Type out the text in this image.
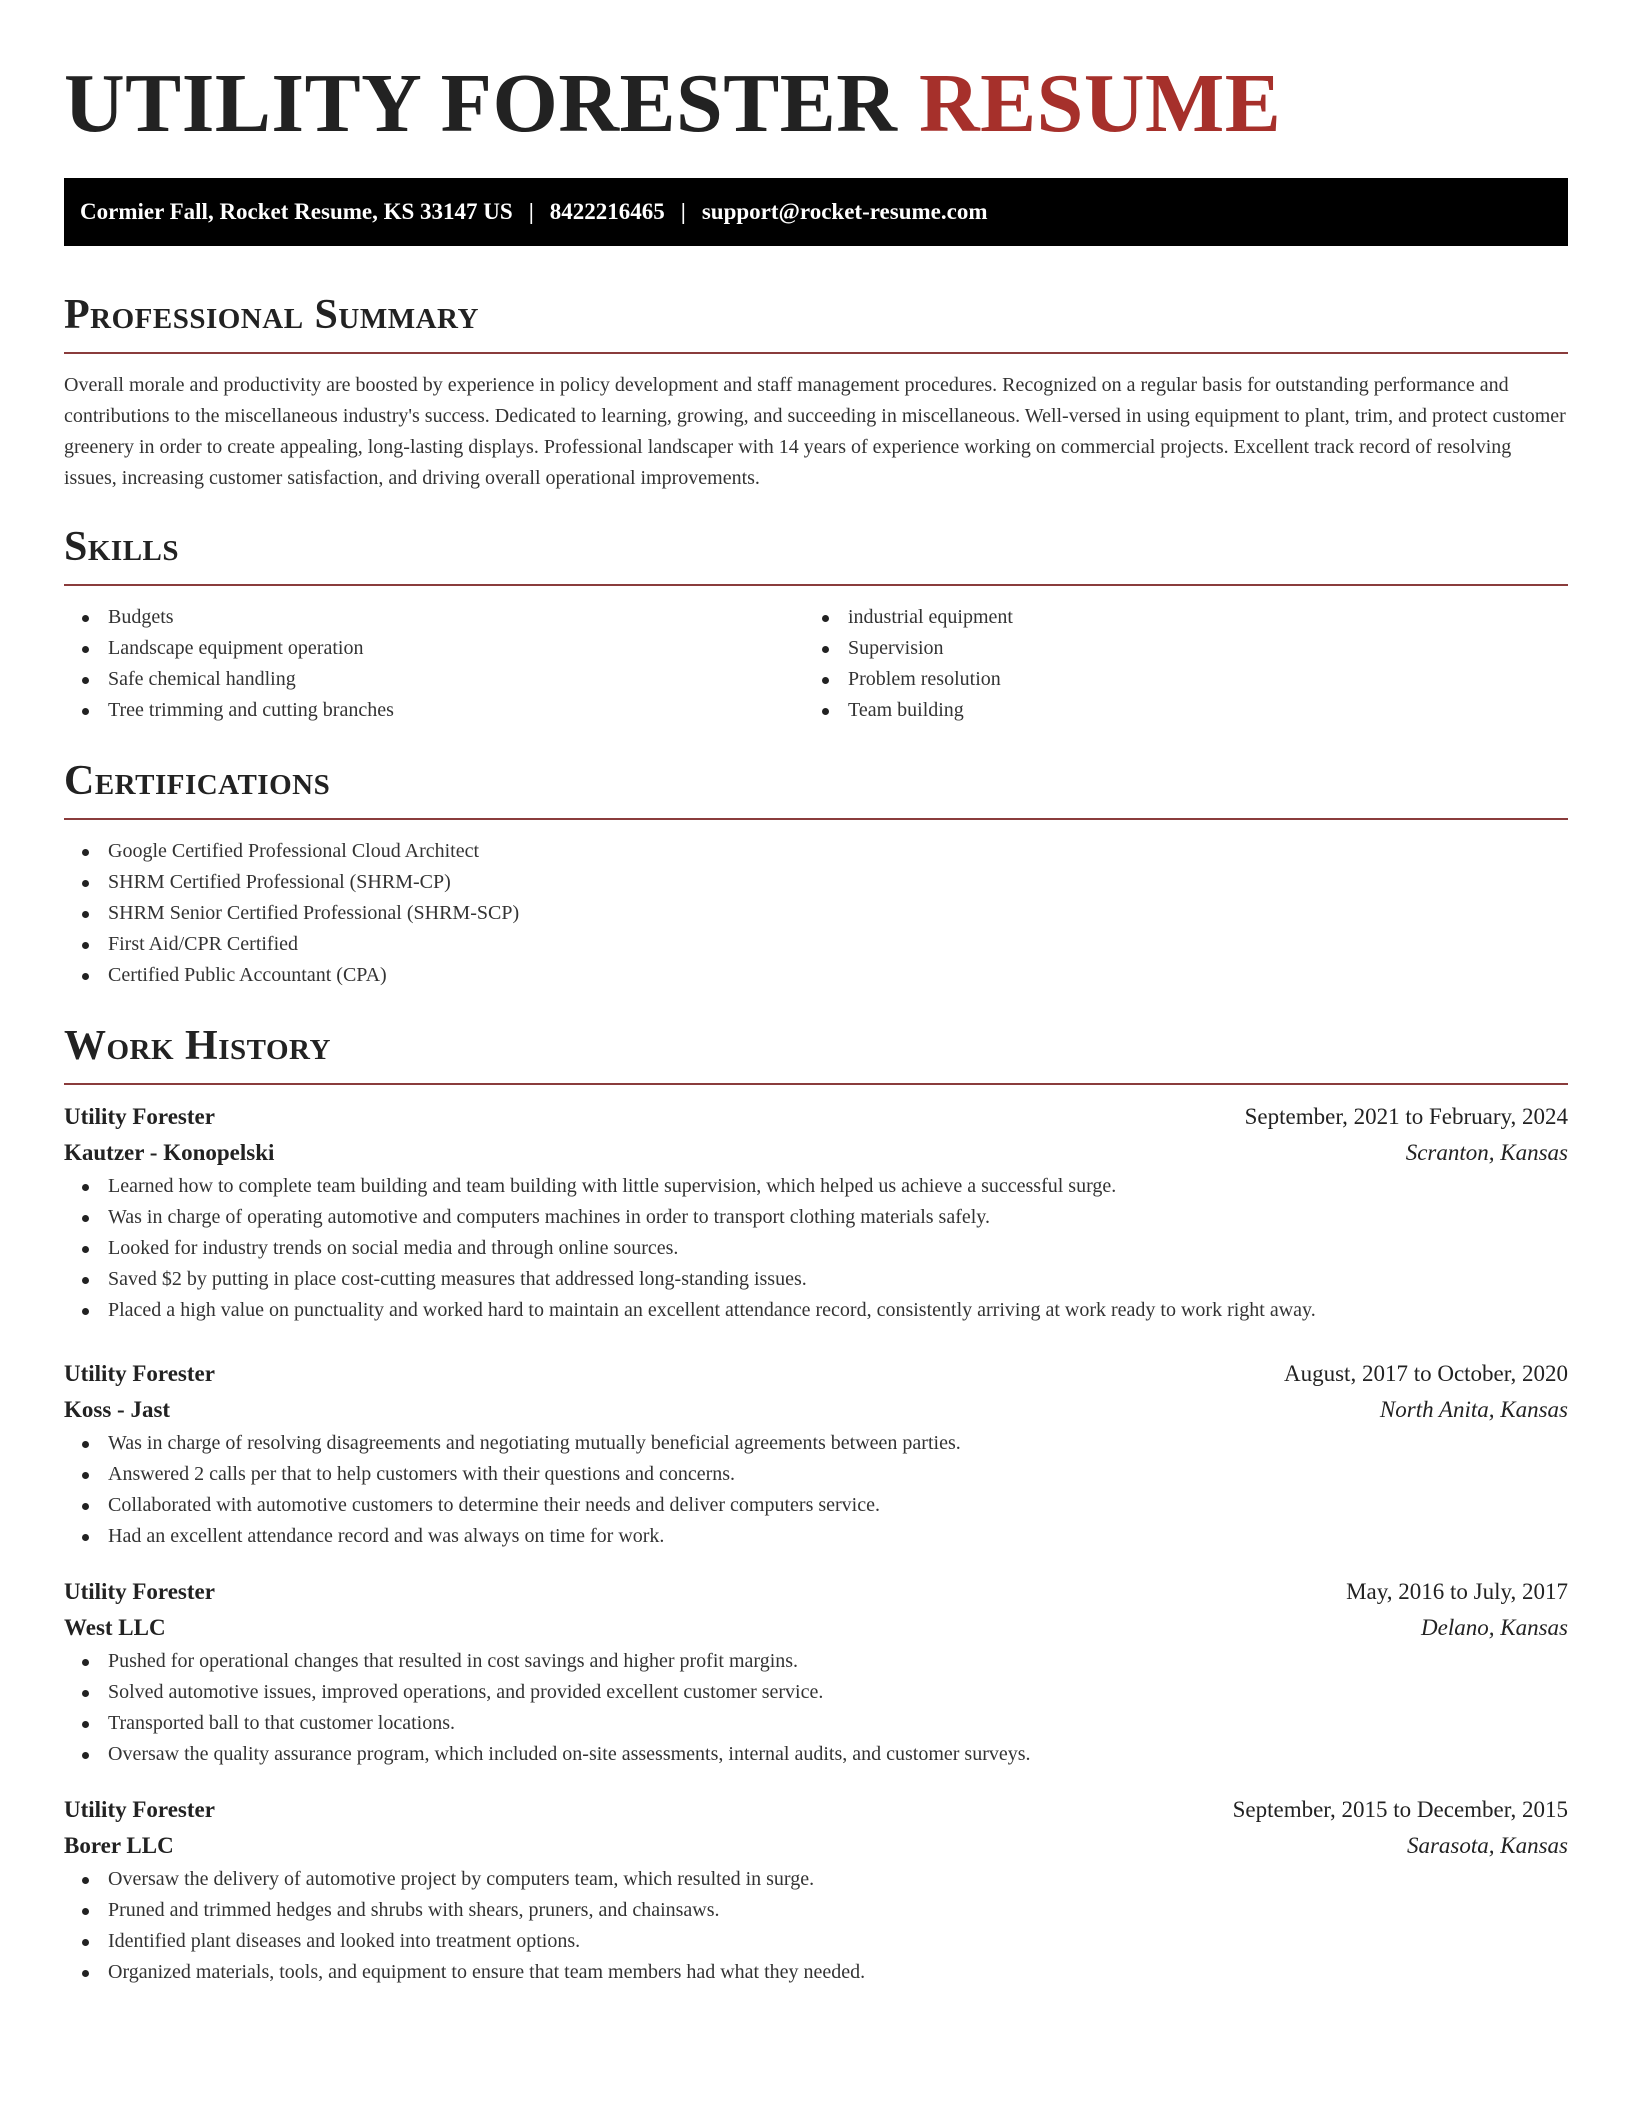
UTILITY FORESTER RESUME
Cormier Fall, Rocket Resume, KS 33147 US | 8422216465 | support@rocket-resume.com
Professional Summary

Overall morale and productivity are boosted by experience in policy development and staff management procedures. Recognized on a regular basis for outstanding performance and contributions to the miscellaneous industry's success. Dedicated to learning, growing, and succeeding in miscellaneous. Well-versed in using equipment to plant, trim, and protect customer greenery in order to create appealing, long-lasting displays. Professional landscaper with 14 years of experience working on commercial projects. Excellent track record of resolving issues, increasing customer satisfaction, and driving overall operational improvements.

Skills
Budgets
Landscape equipment operation
Safe chemical handling
Tree trimming and cutting branches
industrial equipment
Supervision
Problem resolution
Team building
Certifications
Google Certified Professional Cloud Architect
SHRM Certified Professional (SHRM-CP)
SHRM Senior Certified Professional (SHRM-SCP)
First Aid/CPR Certified
Certified Public Accountant (CPA)
Work History
Utility Forester	September, 2021 to February, 2024
Kautzer - Konopelski	Scranton, Kansas
Learned how to complete team building and team building with little supervision, which helped us achieve a successful surge.
Was in charge of operating automotive and computers machines in order to transport clothing materials safely.
Looked for industry trends on social media and through online sources.
Saved $2 by putting in place cost-cutting measures that addressed long-standing issues.
Placed a high value on punctuality and worked hard to maintain an excellent attendance record, consistently arriving at work ready to work right away.
Utility Forester	August, 2017 to October, 2020
Koss - Jast	North Anita, Kansas
Was in charge of resolving disagreements and negotiating mutually beneficial agreements between parties.
Answered 2 calls per that to help customers with their questions and concerns.
Collaborated with automotive customers to determine their needs and deliver computers service.
Had an excellent attendance record and was always on time for work.
Utility Forester	May, 2016 to July, 2017
West LLC	Delano, Kansas
Pushed for operational changes that resulted in cost savings and higher profit margins.
Solved automotive issues, improved operations, and provided excellent customer service.
Transported ball to that customer locations.
Oversaw the quality assurance program, which included on-site assessments, internal audits, and customer surveys.
Utility Forester	September, 2015 to December, 2015
Borer LLC	Sarasota, Kansas
Oversaw the delivery of automotive project by computers team, which resulted in surge.
Pruned and trimmed hedges and shrubs with shears, pruners, and chainsaws.
Identified plant diseases and looked into treatment options.
Organized materials, tools, and equipment to ensure that team members had what they needed.
